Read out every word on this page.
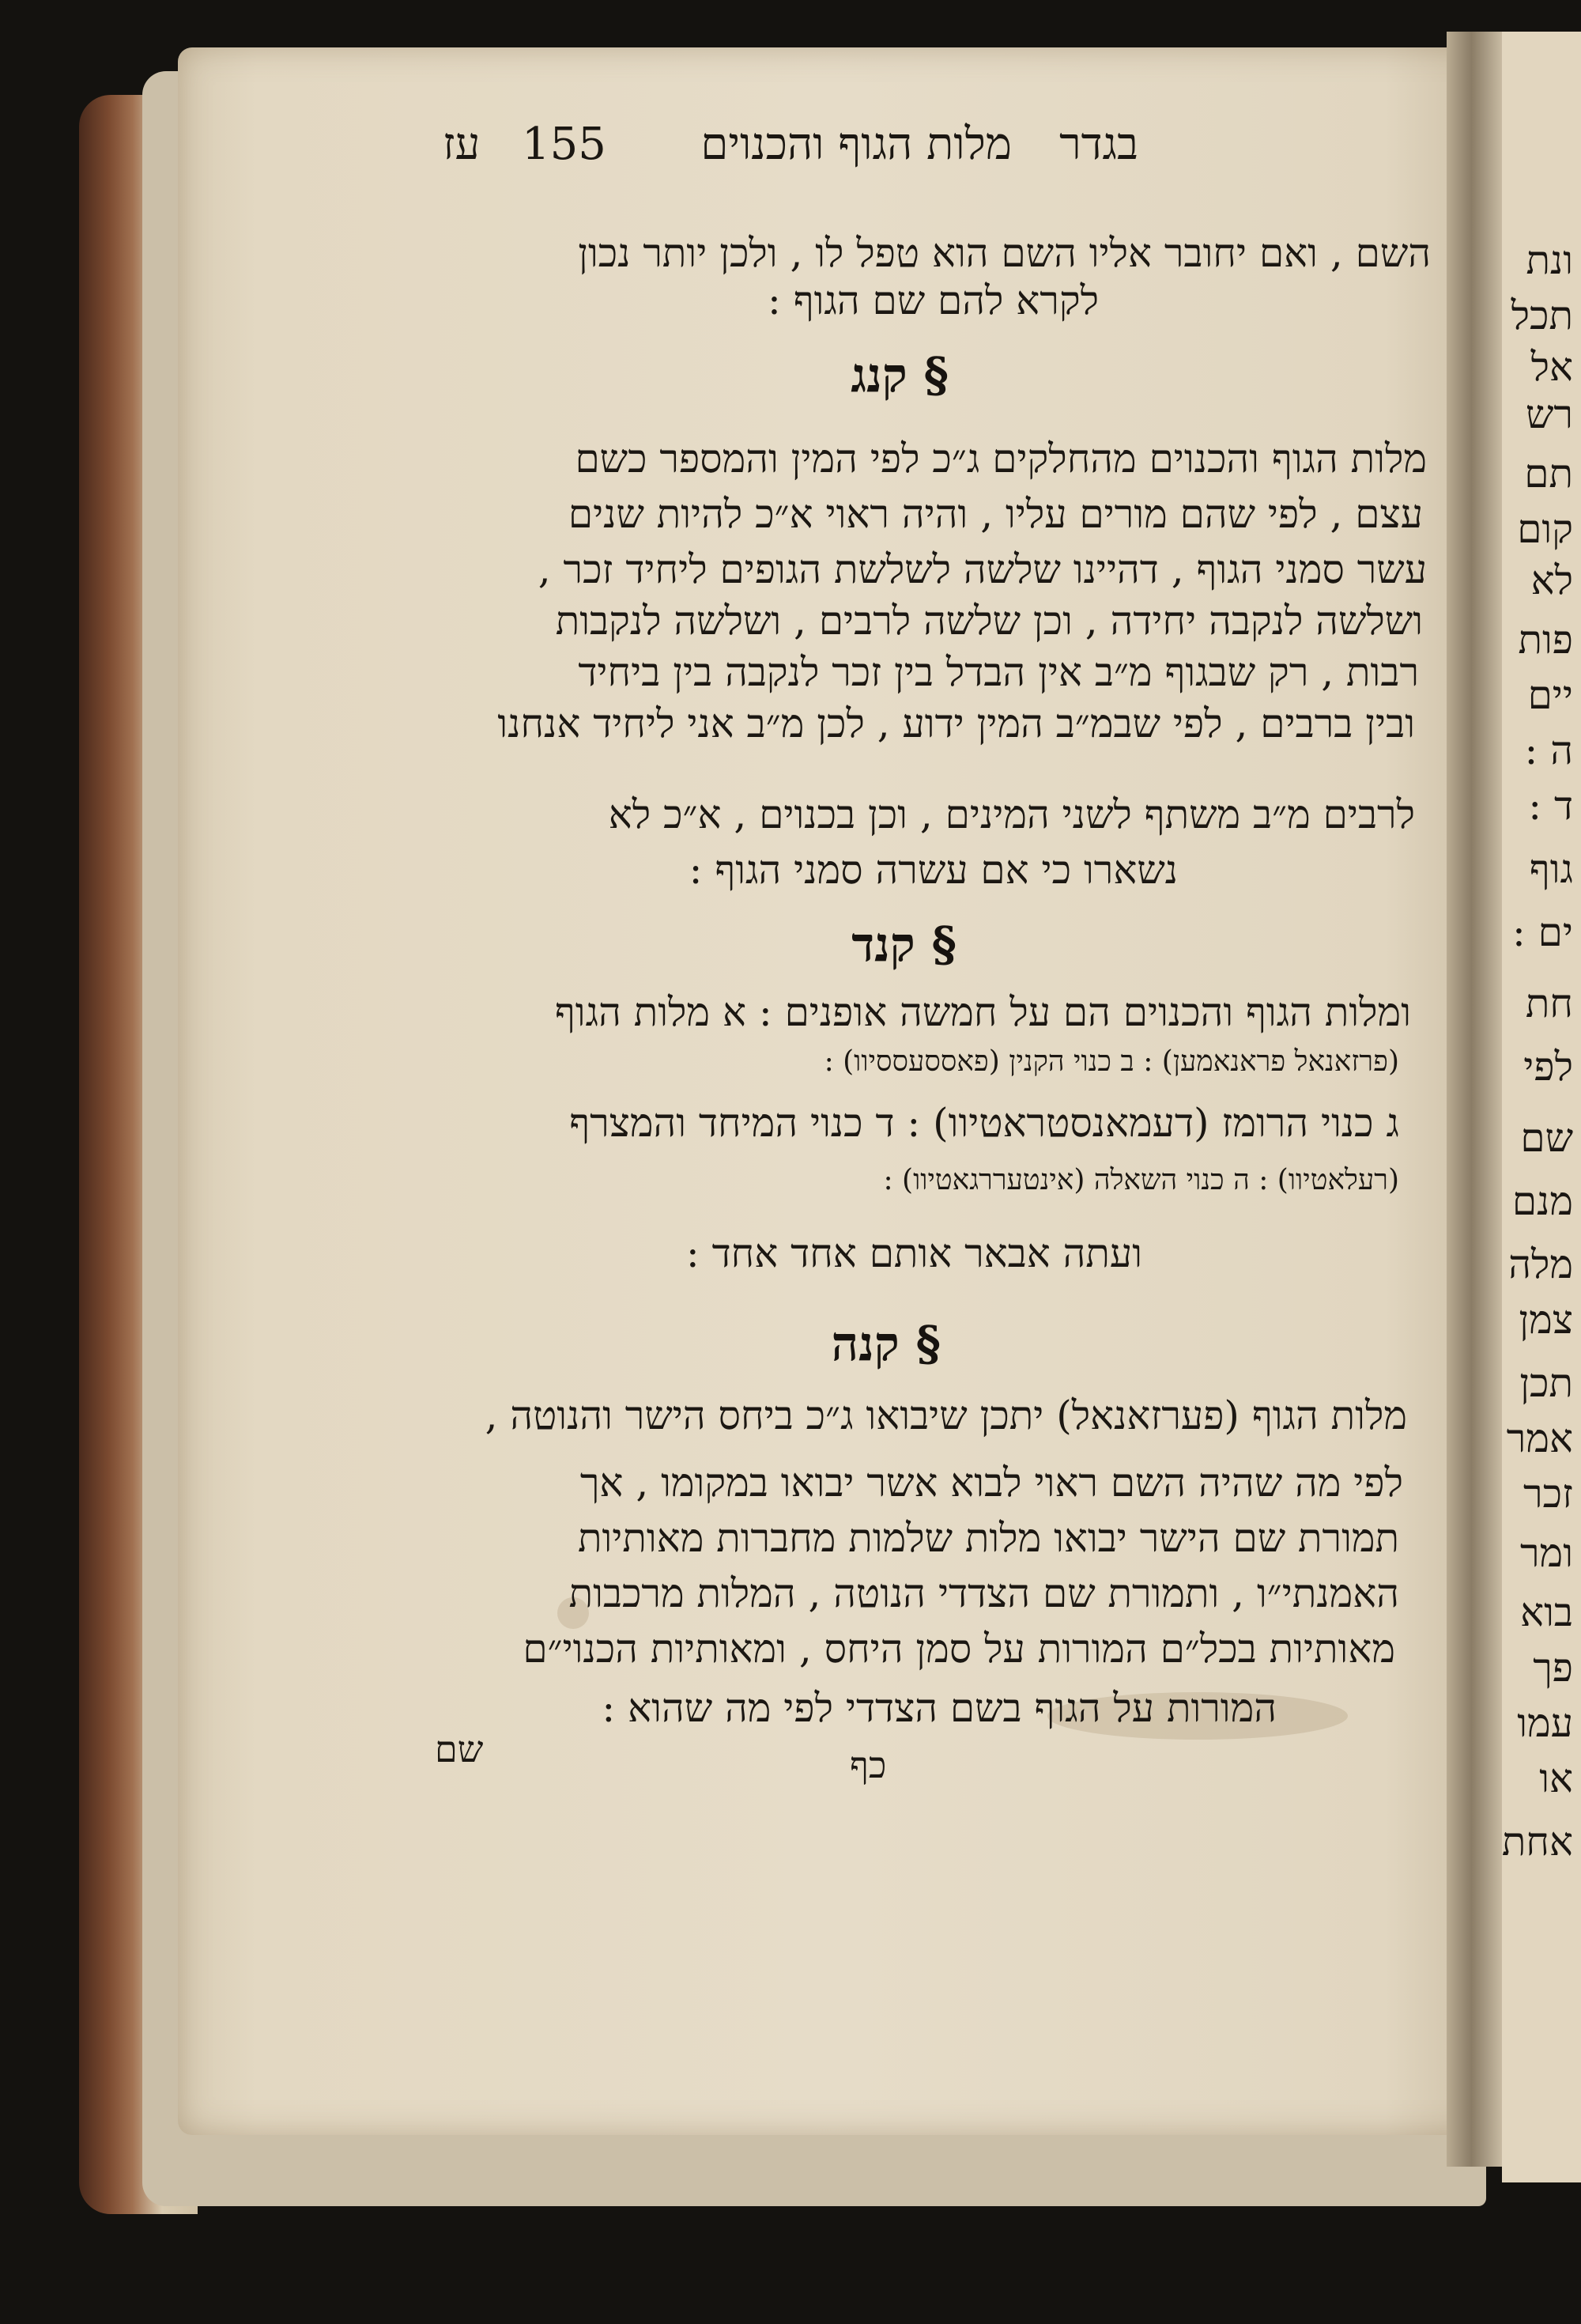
ונת
תכל
אל
רש
תם
קום
לא
פות
יים
ה :
ד :
גוף
ים :
חת
לפי
שם
מנם
מלה
צמן
תכן
אמר
זכר
ומר
בוא
פך
עמו
או
אחת
בגדר
מלות הגוף והכנוים
155
עז
השם , ואם יחובר אליו השם הוא טפל לו , ולכן יותר נכון
לקרא להם שם הגוף :
§ קנג
מלות הגוף והכנוים מהחלקים ג״כ לפי המין והמספר כשם
עצם , לפי שהם מורים עליו , והיה ראוי א״כ להיות שנים
עשר סמני הגוף , דהיינו שלשה לשלשת הגופים ליחיד זכר ,
ושלשה לנקבה יחידה , וכן שלשה לרבים , ושלשה לנקבות
רבות , רק שבגוף מ״ב אין הבדל בין זכר לנקבה בין ביחיד
ובין ברבים , לפי שבמ״ב המין ידוע , לכן מ״ב אני ליחיד אנחנו
לרבים מ״ב משתף לשני המינים , וכן בכנוים , א״כ לא
נשארו כי אם עשרה סמני הגוף :
§ קנד
ומלות הגוף והכנוים הם על חמשה אופנים : א מלות הגוף
(פרזאנאל פראנאמען) : ב כנוי הקנין (פאססעססיוו) :
ג כנוי הרומז (דעמאנסטראטיוו) : ד כנוי המיחד והמצרף
(רעלאטיוו) : ה כנוי השאלה (אינטעררגאטיוו) :
ועתה אבאר אותם אחד אחד :
§ קנה
מלות הגוף (פערזאנאל) יתכן שיבואו ג״כ ביחס הישר והנוטה ,
לפי מה שהיה השם ראוי לבוא אשר יבואו במקומו , אך
תמורת שם הישר יבואו מלות שלמות מחברות מאותיות
האמנתי״ו , ותמורת שם הצדדי הנוטה , המלות מרכבות
מאותיות בכל״ם המורות על סמן היחס , ומאותיות הכנוי״ם
המורות על הגוף בשם הצדדי לפי מה שהוא :
שם	כף
